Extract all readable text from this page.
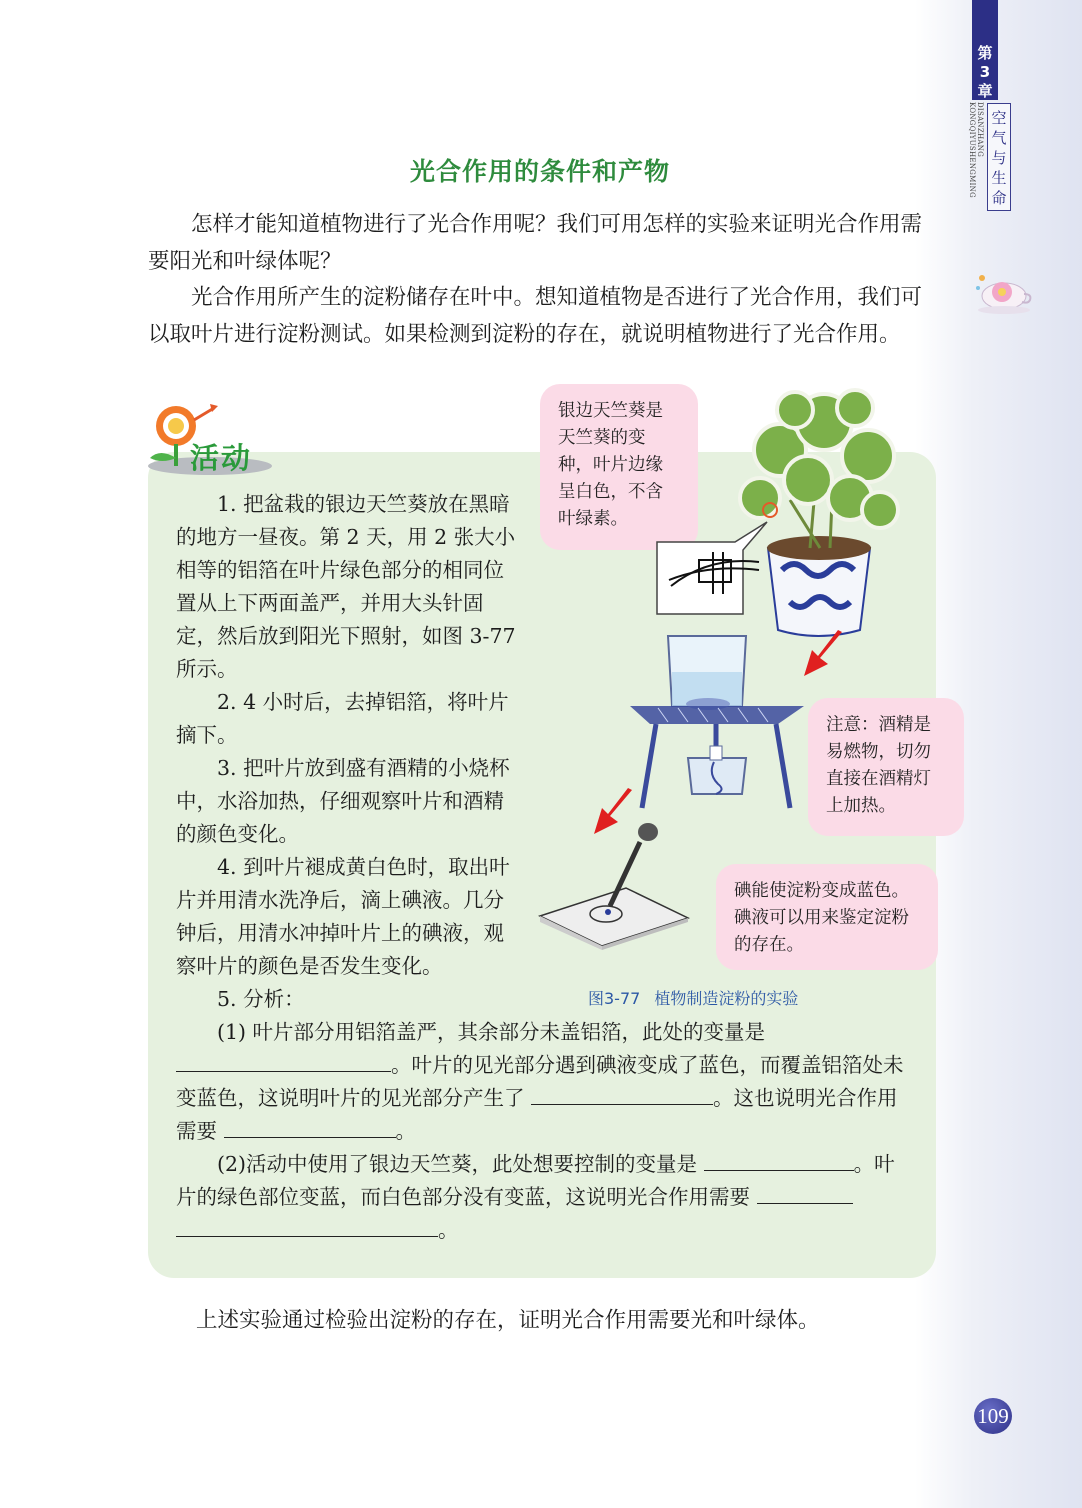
第
3
章
DISANZHANG KONGQIYUSHENGMING	空
气
与
生
命
109
光合作用的条件和产物

怎样才能知道植物进行了光合作用呢？我们可用怎样的实验来证明光合作用需要阳光和叶绿体呢？

光合作用所产生的淀粉储存在叶中。想知道植物是否进行了光合作用，我们可以取叶片进行淀粉测试。如果检测到淀粉的存在，就说明植物进行了光合作用。

活动

1. 把盆栽的银边天竺葵放在黑暗的地方一昼夜。第 2 天，用 2 张大小相等的铝箔在叶片绿色部分的相同位置从上下两面盖严，并用大头针固定，然后放到阳光下照射，如图 3-77 所示。

2. 4 小时后，去掉铝箔，将叶片摘下。

3. 把叶片放到盛有酒精的小烧杯中，水浴加热，仔细观察叶片和酒精的颜色变化。

4. 到叶片褪成黄白色时，取出叶片并用清水洗净后，滴上碘液。几分钟后，用清水冲掉叶片上的碘液，观察叶片的颜色是否发生变化。

5. 分析：

(1) 叶片部分用铝箔盖严，其余部分未盖铝箔，此处的变量是
。叶片的见光部分遇到碘液变成了蓝色，而覆盖铝箔处未变蓝色，这说明叶片的见光部分产生了	。这也说明光合作用需要	。

(2)活动中使用了银边天竺葵，此处想要控制的变量是	。叶片的绿色部位变蓝，而白色部分没有变蓝，这说明光合作用需要
。

银边天竺葵是天竺葵的变种，叶片边缘呈白色，不含叶绿素。
注意：酒精是易燃物，切勿直接在酒精灯上加热。
碘能使淀粉变成蓝色。碘液可以用来鉴定淀粉的存在。
图3-77 植物制造淀粉的实验

上述实验通过检验出淀粉的存在，证明光合作用需要光和叶绿体。
